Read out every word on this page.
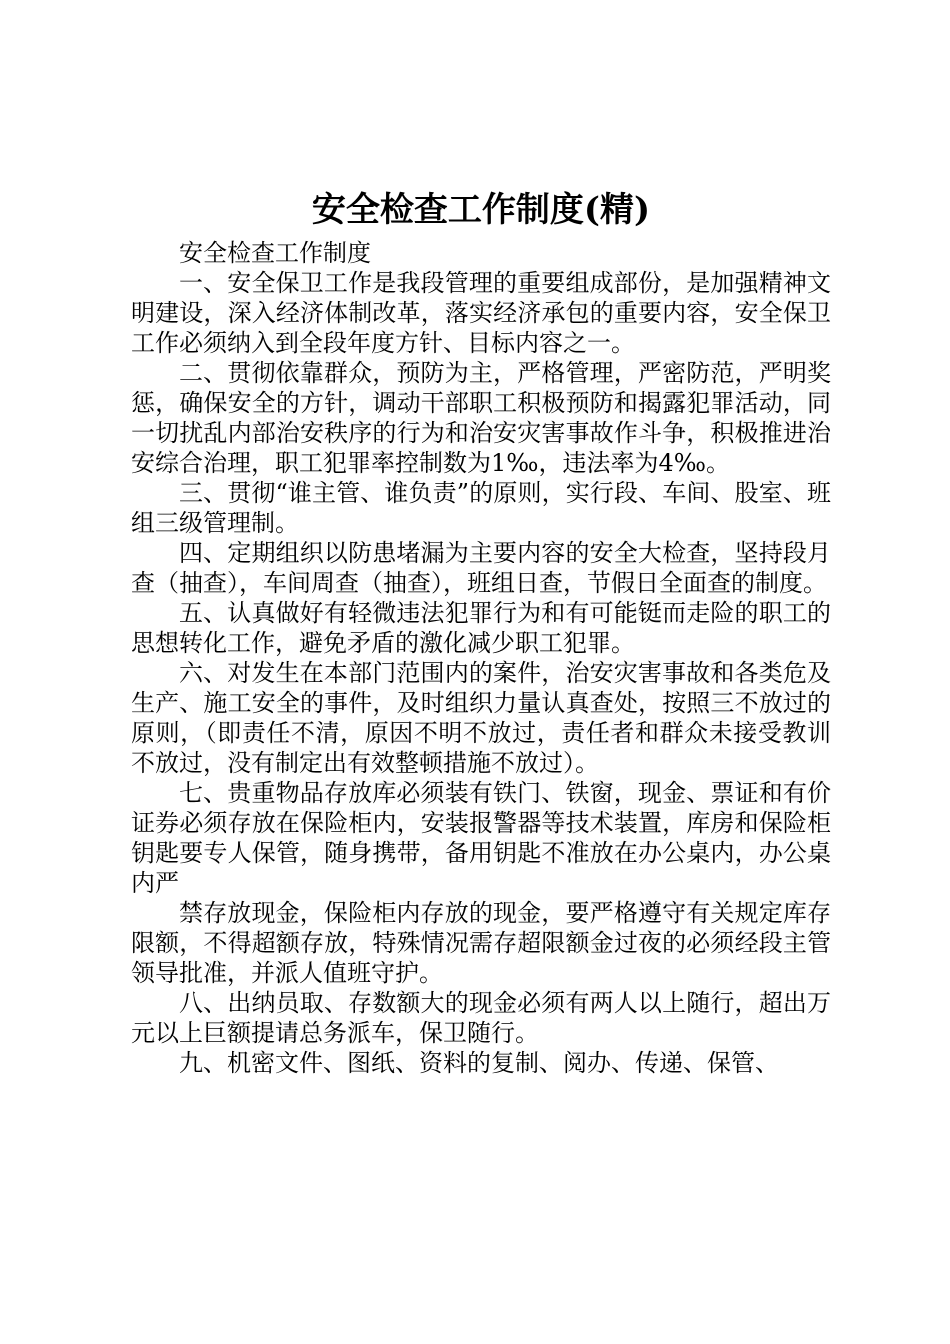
安全检查工作制度(精)

安全检查工作制度

一、安全保卫工作是我段管理的重要组成部份，是加强精神文明建设，深入经济体制改革，落实经济承包的重要内容，安全保卫工作必须纳入到全段年度方针、目标内容之一。

二、贯彻依靠群众，预防为主，严格管理，严密防范，严明奖惩，确保安全的方针，调动干部职工积极预防和揭露犯罪活动，同一切扰乱内部治安秩序的行为和治安灾害事故作斗争，积极推进治安综合治理，职工犯罪率控制数为1‰，违法率为4‰。

三、贯彻“谁主管、谁负责”的原则，实行段、车间、股室、班组三级管理制。

四、定期组织以防患堵漏为主要内容的安全大检查，坚持段月查（抽查），车间周查（抽查），班组日查，节假日全面查的制度。

五、认真做好有轻微违法犯罪行为和有可能铤而走险的职工的思想转化工作，避免矛盾的激化减少职工犯罪。

六、对发生在本部门范围内的案件，治安灾害事故和各类危及生产、施工安全的事件，及时组织力量认真查处，按照三不放过的原则，（即责任不清，原因不明不放过，责任者和群众未接受教训不放过，没有制定出有效整顿措施不放过）。

七、贵重物品存放库必须装有铁门、铁窗，现金、票证和有价证券必须存放在保险柜内，安装报警器等技术装置，库房和保险柜钥匙要专人保管，随身携带，备用钥匙不准放在办公桌内，办公桌内严

禁存放现金，保险柜内存放的现金，要严格遵守有关规定库存限额，不得超额存放，特殊情况需存超限额金过夜的必须经段主管领导批准，并派人值班守护。

八、出纳员取、存数额大的现金必须有两人以上随行，超出万元以上巨额提请总务派车，保卫随行。

九、机密文件、图纸、资料的复制、阅办、传递、保管、
